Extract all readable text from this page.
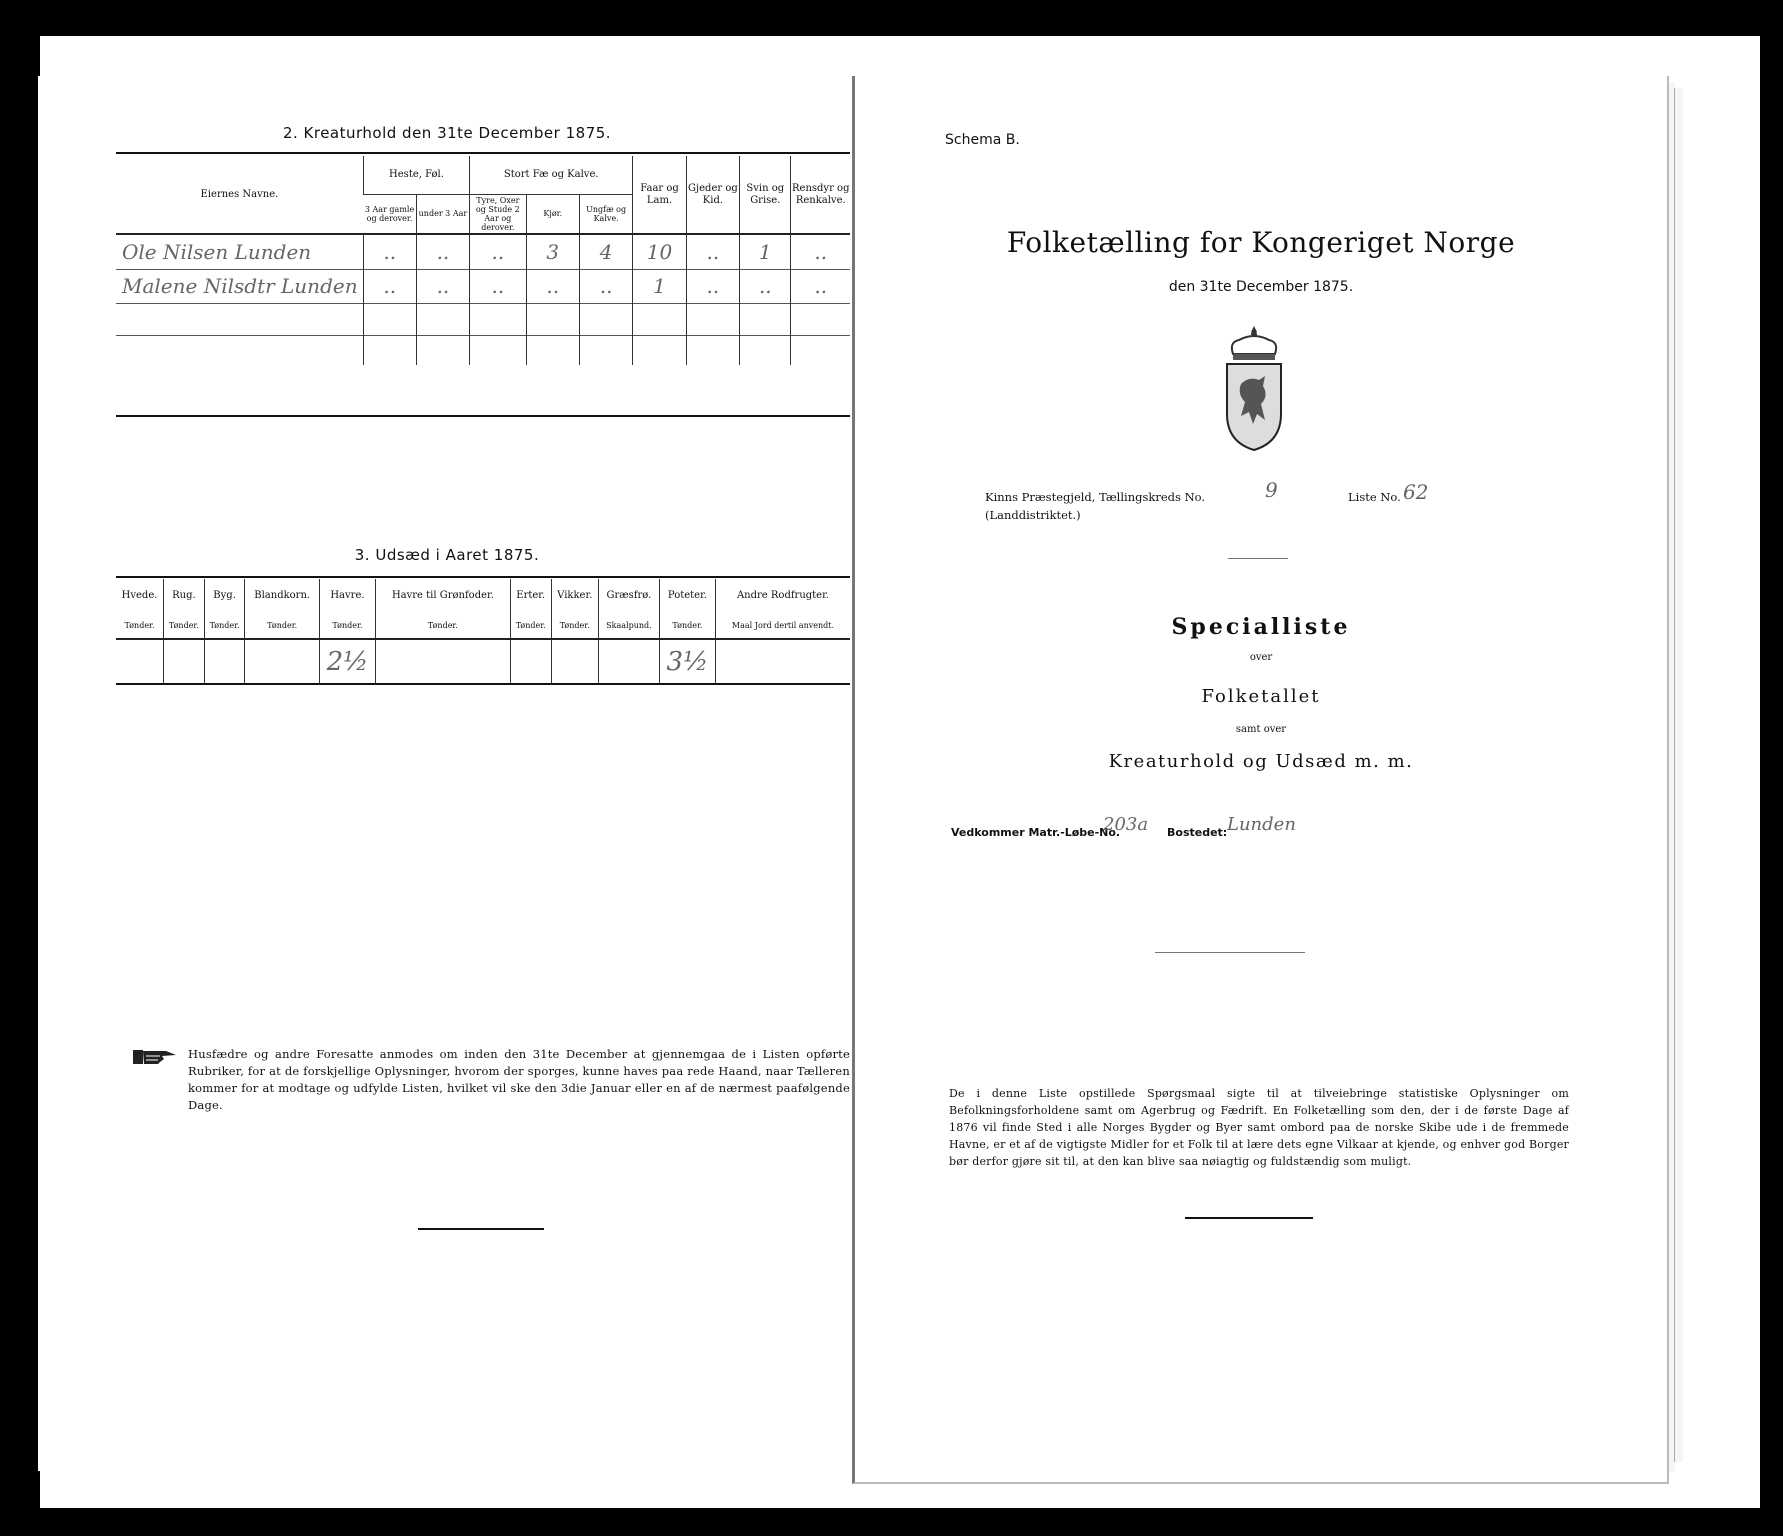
2. Kreaturhold den 31te December 1875.
Eiernes Navne.	Heste, Føl.		Stort Fæ og Kalve.			Faar og Lam.	Gjeder og Kid.	Svin og Grise.	Rensdyr og Renkalve.
	3 Aar gamle og derover.	under 3 Aar	Tyre, Oxer og Stude 2 Aar og derover.	Kjør.	Ungfæ og Kalve.				

Ole Nilsen Lunden	..	..	..	3	4	10	..	1	..
Malene Nilsdtr Lunden	..	..	..	..	..	1	..	..	..

3. Udsæd i Aaret 1875.
Hvede.	Rug.	Byg.	Blandkorn.	Havre.	Havre til Grønfoder.	Erter.	Vikker.	Græsfrø.	Poteter.	Andre Rodfrugter.
Tønder.	Tønder.	Tønder.	Tønder.	Tønder.	Tønder.	Tønder.	Tønder.	Skaalpund.	Tønder.	Maal Jord dertil anvendt.
				2½					3½	
Husfædre og andre Foresatte anmodes om inden den 31te December at gjennemgaa de i Listen opførte Rubriker, for at de forskjellige Oplysninger, hvorom der sporges, kunne haves paa rede Haand, naar Tælleren kommer for at modtage og udfylde Listen, hvilket vil ske den 3die Januar eller en af de nærmest paafølgende Dage.
Schema B.
Folketælling for Kongeriget Norge
den 31te December 1875.
Kinns Præstegjeld, Tællingskreds No.	9	Liste No. 62
(Landdistriktet.)
Specialliste
over
Folketallet
samt over
Kreaturhold og Udsæd m. m.
Vedkommer Matr.-Løbe-No.
203a Bostedet: Lunden
De i denne Liste opstillede Spørgsmaal sigte til at tilveiebringe statistiske Oplysninger om Befolkningsforholdene samt om Agerbrug og Fædrift. En Folketælling som den, der i de første Dage af 1876 vil finde Sted i alle Norges Bygder og Byer samt ombord paa de norske Skibe ude i de fremmede Havne, er et af de vigtigste Midler for et Folk til at lære dets egne Vilkaar at kjende, og enhver god Borger bør derfor gjøre sit til, at den kan blive saa nøiagtig og fuldstændig som muligt.
